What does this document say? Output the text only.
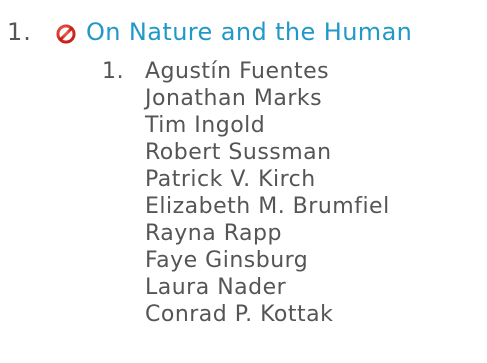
1. On Nature and the Human
1. Agustín Fuentes
Jonathan Marks
Tim Ingold
Robert Sussman
Patrick V. Kirch
Elizabeth M. Brumfiel
Rayna Rapp
Faye Ginsburg
Laura Nader
Conrad P. Kottak
